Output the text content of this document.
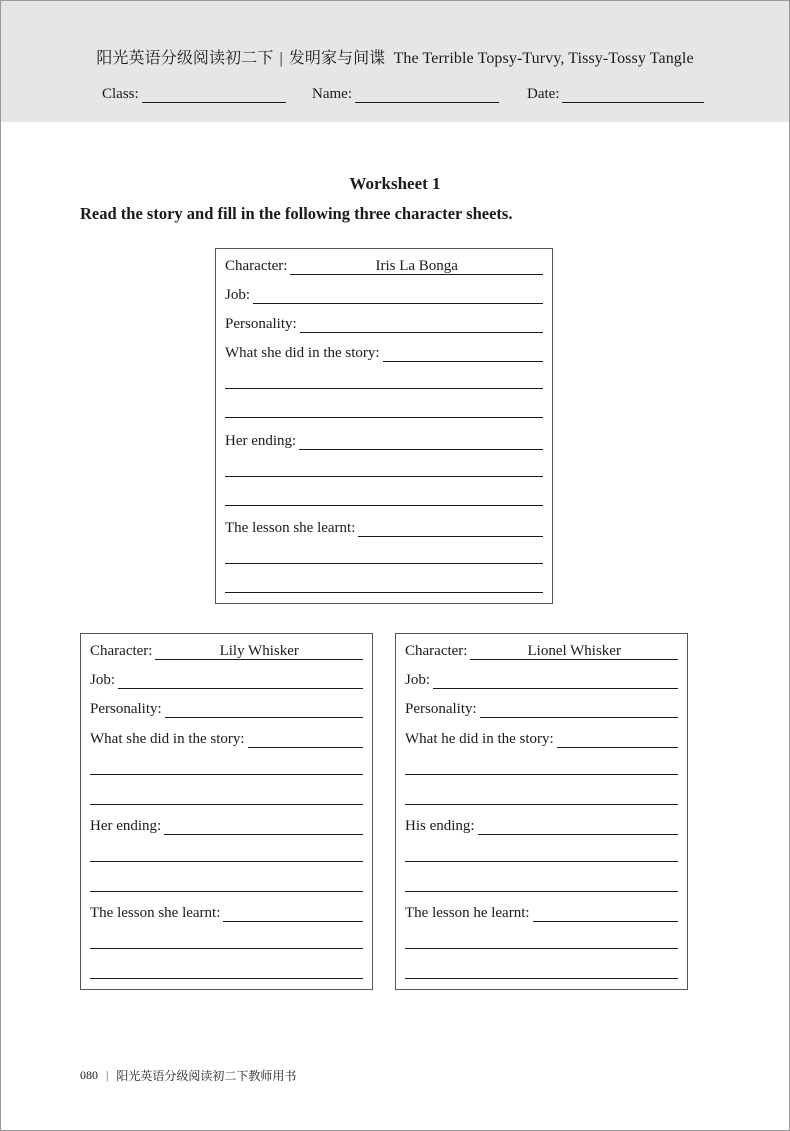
阳光英语分级阅读初二下 | 发明家与间谍 The Terrible Topsy-Turvy, Tissy-Tossy Tangle
Class:	Name:	Date:
Worksheet 1
Read the story and fill in the following three character sheets.
Character:	Iris La Bonga
Job:
Personality:
What she did in the story:
Her ending:
The lesson she learnt:
Character:	Lily Whisker
Job:
Personality:
What she did in the story:
Her ending:
The lesson she learnt:
Character:	Lionel Whisker
Job:
Personality:
What he did in the story:
His ending:
The lesson he learnt:
080 | 阳光英语分级阅读初二下教师用书
